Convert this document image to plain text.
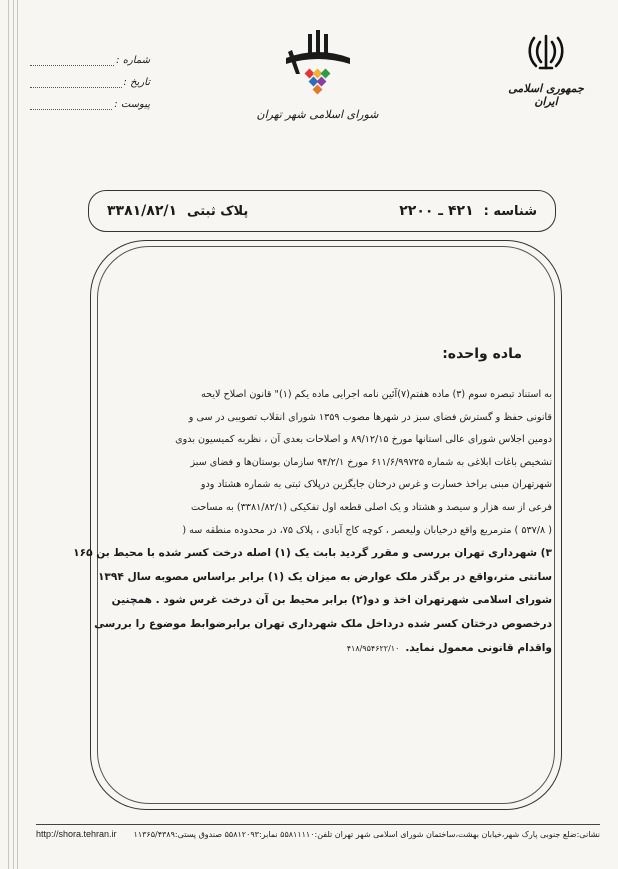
جمهوری اسلامی ایران
شورای اسلامی شهر تهران
شماره :
تاریخ :
پیوست :
شناسه :
۴۲۱ ـ ۲۲۰۰
پلاک ثبتی
۳۳۸۱/۸۲/۱
ماده واحده:
به استناد تبصره سوم (۳) ماده هفتم(۷)آئین نامه اجرایی ماده یکم (۱)" قانون اصلاح لایحه
قانونی حفظ و گسترش فضای سبز در شهرها مصوب ۱۳۵۹ شورای انقلاب تصویبی در سی و
دومین اجلاس شورای عالی استانها مورخ ۸۹/۱۲/۱۵ و اصلاحات بعدی آن ، نظربه کمیسیون بدوی
تشخیص باغات ابلاغی به شماره ۶۱۱/۶/۹۹۷۲۵ مورخ ۹۴/۲/۱ سازمان بوستان‌ها و فضای سبز
شهرتهران مبنی براخذ خسارت و غرس درختان جایگزین درپلاک ثبتی به شماره هشتاد ودو
فرعی از سه هزار و سیصد و هشتاد و یک اصلی قطعه اول تفکیکی (۳۳۸۱/۸۲/۱) به مساحت
( ۵۳۷/۸ ) مترمربع واقع درخیابان ولیعصر ، کوچه کاج آبادی ، پلاک ۷۵، در محدوده منطقه سه (
۳) شهرداری تهران بررسی و مقرر گردید بابت یک (۱) اصله درخت کسر شده با محیط بن ۱۶۵
سانتی متر،واقع در برگذر ملک عوارض به میزان یک (۱) برابر براساس مصوبه سال ۱۳۹۴
شورای اسلامی شهرتهران اخذ و دو(۲) برابر محیط بن آن درخت غرس شود . همچنین
درخصوص درختان کسر شده درداخل ملک شهرداری تهران برابرضوابط موضوع را بررسی
واقدام قانونی معمول نماید.۴۱۸/۹۵۴۶۲۲/۱۰
نشانی:ضلع جنوبی پارک شهر،خیابان بهشت،ساختمان شورای اسلامی شهر تهران تلفن:۵۵۸۱۱۱۱۰ نمابر:۵۵۸۱۲۰۹۳ صندوق پستی:۱۱۳۶۵/۴۳۸۹
http://shora.tehran.ir
